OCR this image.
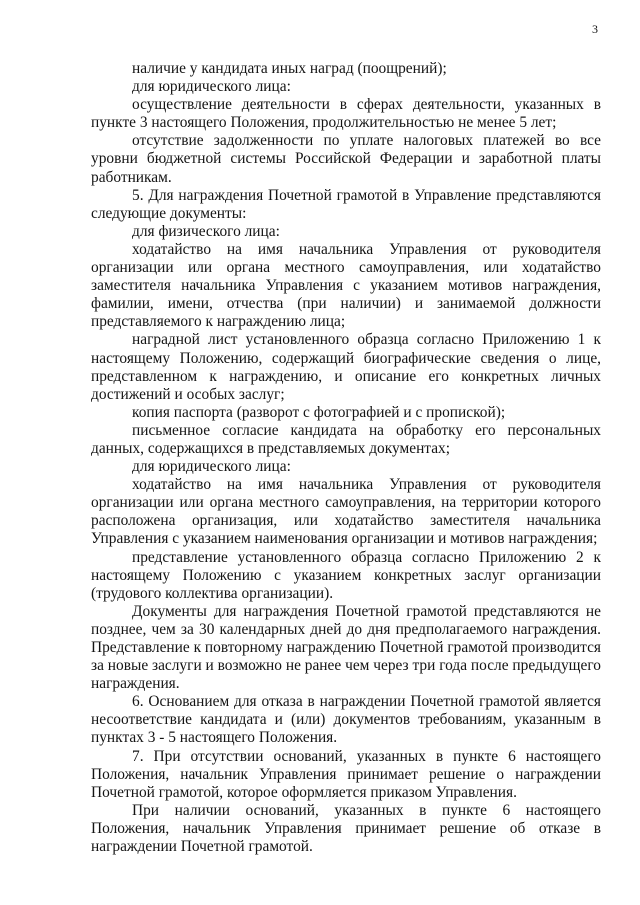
3

наличие у кандидата иных наград (поощрений);

для юридического лица:

осуществление деятельности в сферах деятельности, указанных в пункте 3 настоящего Положения, продолжительностью не менее 5 лет;

отсутствие задолженности по уплате налоговых платежей во все уровни бюджетной системы Российской Федерации и заработной платы работникам.

5. Для награждения Почетной грамотой в Управление представляются следующие документы:

для физического лица:

ходатайство на имя начальника Управления от руководителя организации или органа местного самоуправления, или ходатайство заместителя начальника Управления с указанием мотивов награждения, фамилии, имени, отчества (при наличии) и занимаемой должности представляемого к награждению лица;

наградной лист установленного образца согласно Приложению 1 к настоящему Положению, содержащий биографические сведения о лице, представленном к награждению, и описание его конкретных личных достижений и особых заслуг;

копия паспорта (разворот с фотографией и с пропиской);

письменное согласие кандидата на обработку его персональных данных, содержащихся в представляемых документах;

для юридического лица:

ходатайство на имя начальника Управления от руководителя организации или органа местного самоуправления, на территории которого расположена организация, или ходатайство заместителя начальника Управления с указанием наименования организации и мотивов награждения;

представление установленного образца согласно Приложению 2 к настоящему Положению с указанием конкретных заслуг организации (трудового коллектива организации).

Документы для награждения Почетной грамотой представляются не позднее, чем за 30 календарных дней до дня предполагаемого награждения. Представление к повторному награждению Почетной грамотой производится за новые заслуги и возможно не ранее чем через три года после предыдущего награждения.

6. Основанием для отказа в награждении Почетной грамотой является несоответствие кандидата и (или) документов требованиям, указанным в пунктах 3 - 5 настоящего Положения.

7. При отсутствии оснований, указанных в пункте 6 настоящего Положения, начальник Управления принимает решение о награждении Почетной грамотой, которое оформляется приказом Управления.

При наличии оснований, указанных в пункте 6 настоящего Положения, начальник Управления принимает решение об отказе в награждении Почетной грамотой.
